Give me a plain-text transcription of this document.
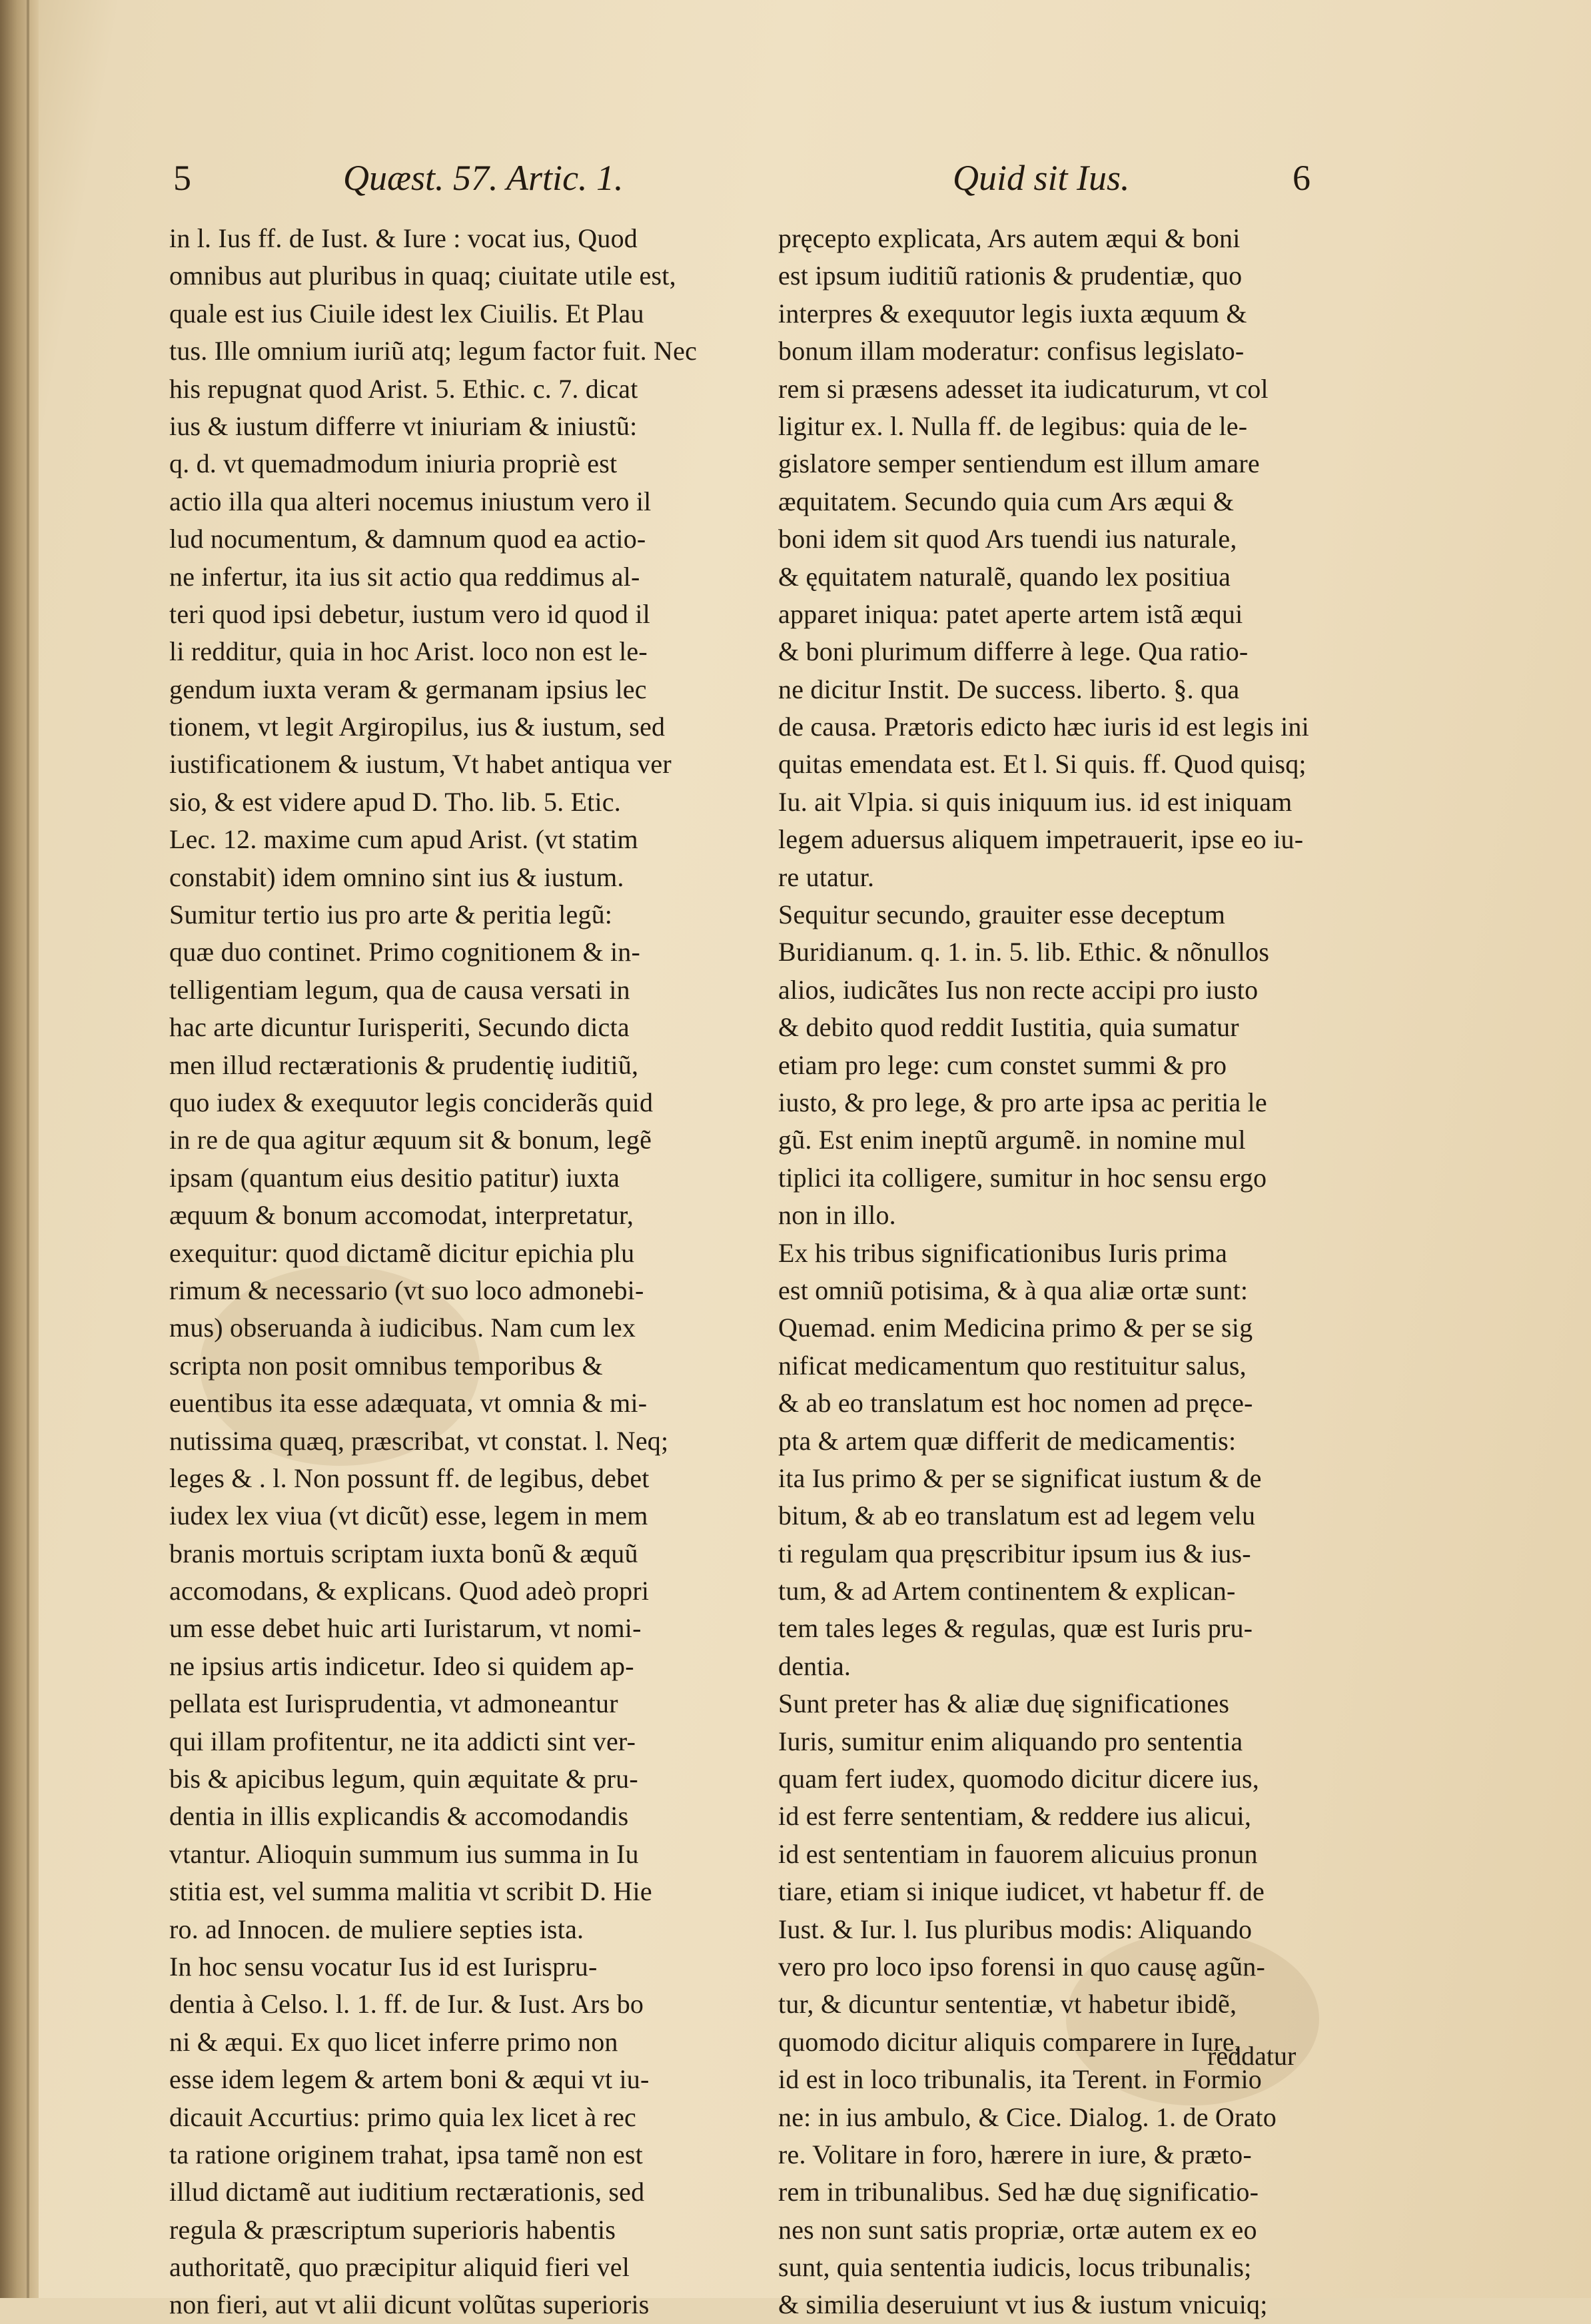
5	Quæst. 57. Artic. 1.	Quid sit Ius.	6
in l. Ius ff. de Iust. & Iure : vocat ius, Quod
omnibus aut pluribus in quaq; ciuitate utile est,
quale est ius Ciuile idest lex Ciuilis. Et Plau
tus. Ille omnium iuriũ atq; legum factor fuit. Nec
his repugnat quod Arist. 5. Ethic. c. 7. dicat
ius & iustum differre vt iniuriam & iniustũ:
q. d. vt quemadmodum iniuria propriè est
actio illa qua alteri nocemus iniustum vero il
lud nocumentum, & damnum quod ea actio-
ne infertur, ita ius sit actio qua reddimus al-
teri quod ipsi debetur, iustum vero id quod il
li redditur, quia in hoc Arist. loco non est le-
gendum iuxta veram & germanam ipsius lec
tionem, vt legit Argiropilus, ius & iustum, sed
iustificationem & iustum, Vt habet antiqua ver
sio, & est videre apud D. Tho. lib. 5. Etic.
Lec. 12. maxime cum apud Arist. (vt statim
constabit) idem omnino sint ius & iustum.
Sumitur tertio ius pro arte & peritia legũ:
quæ duo continet. Primo cognitionem & in-
telligentiam legum, qua de causa versati in
hac arte dicuntur Iurisperiti, Secundo dicta
men illud rectærationis & prudentię iuditiũ,
quo iudex & exequutor legis conciderãs quid
in re de qua agitur æquum sit & bonum, legẽ
ipsam (quantum eius desitio patitur) iuxta
æquum & bonum accomodat, interpretatur,
exequitur: quod dictamẽ dicitur epichia plu
rimum & necessario (vt suo loco admonebi-
mus) obseruanda à iudicibus. Nam cum lex
scripta non posit omnibus temporibus &
euentibus ita esse adæquata, vt omnia & mi-
nutissima quæq, præscribat, vt constat. l. Neq;
leges & . l. Non possunt ff. de legibus, debet
iudex lex viua (vt dicũt) esse, legem in mem
branis mortuis scriptam iuxta bonũ & æquũ
accomodans, & explicans. Quod adeò propri
um esse debet huic arti Iuristarum, vt nomi-
ne ipsius artis indicetur. Ideo si quidem ap-
pellata est Iurisprudentia, vt admoneantur
qui illam profitentur, ne ita addicti sint ver-
bis & apicibus legum, quin æquitate & pru-
dentia in illis explicandis & accomodandis
vtantur. Alioquin summum ius summa in Iu
stitia est, vel summa malitia vt scribit D. Hie
ro. ad Innocen. de muliere septies ista.
In hoc sensu vocatur Ius id est Iurispru-
dentia à Celso. l. 1. ff. de Iur. & Iust. Ars bo
ni & æqui. Ex quo licet inferre primo non
esse idem legem & artem boni & æqui vt iu-
dicauit Accurtius: primo quia lex licet à rec
ta ratione originem trahat, ipsa tamẽ non est
illud dictamẽ aut iuditium rectærationis, sed
regula & præscriptum superioris habentis
authoritatẽ, quo præcipitur aliquid fieri vel
non fieri, aut vt alii dicunt volũtas superioris
pręcepto explicata, Ars autem æqui & boni
est ipsum iuditiũ rationis & prudentiæ, quo
interpres & exequutor legis iuxta æquum &
bonum illam moderatur: confisus legislato-
rem si præsens adesset ita iudicaturum, vt col
ligitur ex. l. Nulla ff. de legibus: quia de le-
gislatore semper sentiendum est illum amare
æquitatem. Secundo quia cum Ars æqui &
boni idem sit quod Ars tuendi ius naturale,
& ęquitatem naturalẽ, quando lex positiua
apparet iniqua: patet aperte artem istã æqui
& boni plurimum differre à lege. Qua ratio-
ne dicitur Instit. De success. liberto. §. qua
de causa. Prætoris edicto hæc iuris id est legis ini
quitas emendata est. Et l. Si quis. ff. Quod quisq;
Iu. ait Vlpia. si quis iniquum ius. id est iniquam
legem aduersus aliquem impetrauerit, ipse eo iu-
re utatur.
Sequitur secundo, grauiter esse deceptum
Buridianum. q. 1. in. 5. lib. Ethic. & nõnullos
alios, iudicãtes Ius non recte accipi pro iusto
& debito quod reddit Iustitia, quia sumatur
etiam pro lege: cum constet summi & pro
iusto, & pro lege, & pro arte ipsa ac peritia le
gũ. Est enim ineptũ argumẽ. in nomine mul
tiplici ita colligere, sumitur in hoc sensu ergo
non in illo.
Ex his tribus significationibus Iuris prima
est omniũ potisima, & à qua aliæ ortæ sunt:
Quemad. enim Medicina primo & per se sig
nificat medicamentum quo restituitur salus,
& ab eo translatum est hoc nomen ad pręce-
pta & artem quæ differit de medicamentis:
ita Ius primo & per se significat iustum & de
bitum, & ab eo translatum est ad legem velu
ti regulam qua pręscribitur ipsum ius & ius-
tum, & ad Artem continentem & explican-
tem tales leges & regulas, quæ est Iuris pru-
dentia.
Sunt preter has & aliæ duę significationes
Iuris, sumitur enim aliquando pro sententia
quam fert iudex, quomodo dicitur dicere ius,
id est ferre sententiam, & reddere ius alicui,
id est sententiam in fauorem alicuius pronun
tiare, etiam si inique iudicet, vt habetur ff. de
Iust. & Iur. l. Ius pluribus modis: Aliquando
vero pro loco ipso forensi in quo causę agũn-
tur, & dicuntur sententiæ, vt habetur ibidẽ,
quomodo dicitur aliquis comparere in Iure,
id est in loco tribunalis, ita Terent. in Formio
ne: in ius ambulo, & Cice. Dialog. 1. de Orato
re. Volitare in foro, hærere in iure, & præto-
rem in tribunalibus. Sed hæ duę significatio-
nes non sunt satis propriæ, ortæ autem ex eo
sunt, quia sententia iudicis, locus tribunalis;
& similia deseruiunt vt ius & iustum vnicuiq;
reddatur
